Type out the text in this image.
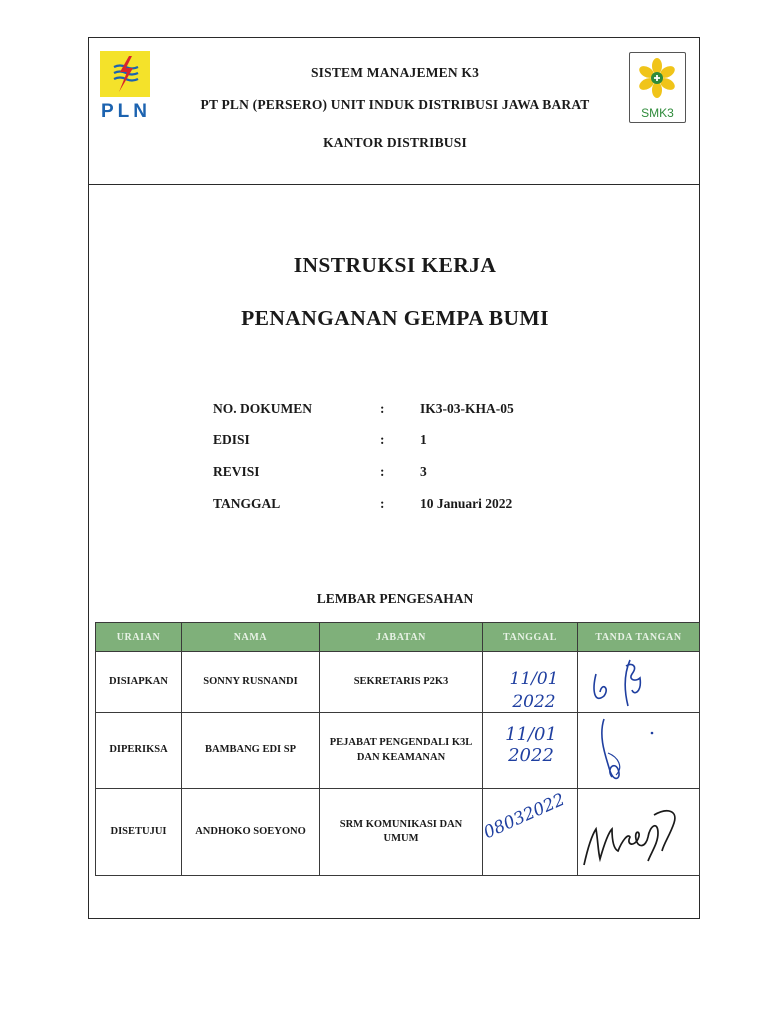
PLN
SISTEM MANAJEMEN K3
PT PLN (PERSERO) UNIT INDUK DISTRIBUSI JAWA BARAT
KANTOR DISTRIBUSI
SMK3
INSTRUKSI KERJA
PENANGANAN GEMPA BUMI
NO. DOKUMEN	:	IK3-03-KHA-05
EDISI	:	1
REVISI	:	3
TANGGAL	:	10 Januari 2022
LEMBAR PENGESAHAN
URAIAN	NAMA	JABATAN	TANGGAL	TANDA TANGAN
DISIAPKAN	SONNY RUSNANDI	SEKRETARIS P2K3	11/01 2022

DIPERIKSA	BAMBANG EDI SP	PEJABAT PENGENDALI K3L DAN KEAMANAN	11/01 2022

DISETUJUI	ANDHOKO SOEYONO	SRM KOMUNIKASI DAN UMUM	08032022
